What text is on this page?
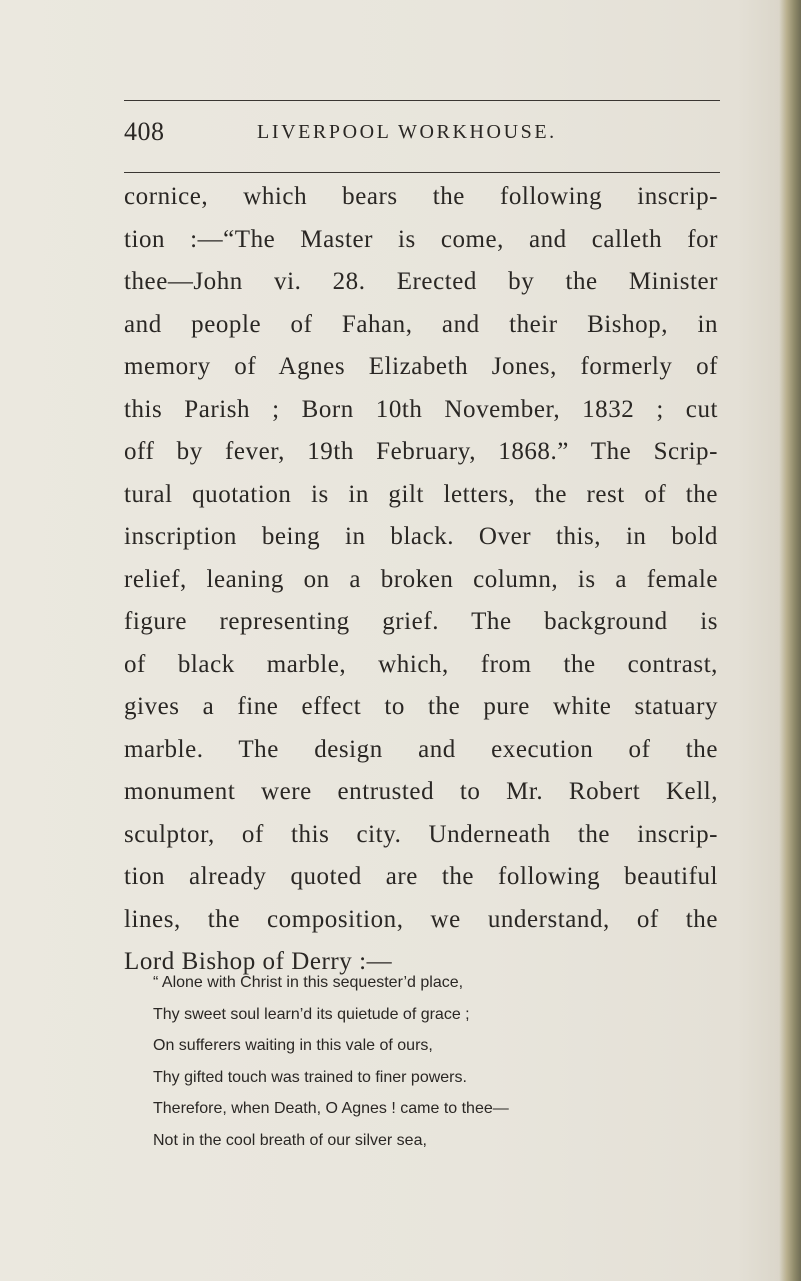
408	LIVERPOOL WORKHOUSE.
cornice, which bears the following inscrip-
tion :—“The Master is come, and calleth for
thee—John vi. 28. Erected by the Minister
and people of Fahan, and their Bishop, in
memory of Agnes Elizabeth Jones, formerly of
this Parish ; Born 10th November, 1832 ; cut
off by fever, 19th February, 1868.” The Scrip-
tural quotation is in gilt letters, the rest of the
inscription being in black. Over this, in bold
relief, leaning on a broken column, is a female
figure representing grief. The background is
of black marble, which, from the contrast,
gives a fine effect to the pure white statuary
marble. The design and execution of the
monument were entrusted to Mr. Robert Kell,
sculptor, of this city. Underneath the inscrip-
tion already quoted are the following beautiful
lines, the composition, we understand, of the
Lord Bishop of Derry :—
“ Alone with Christ in this sequester’d place,
Thy sweet soul learn’d its quietude of grace ;
On sufferers waiting in this vale of ours,
Thy gifted touch was trained to finer powers.
Therefore, when Death, O Agnes ! came to thee—
Not in the cool breath of our silver sea,
